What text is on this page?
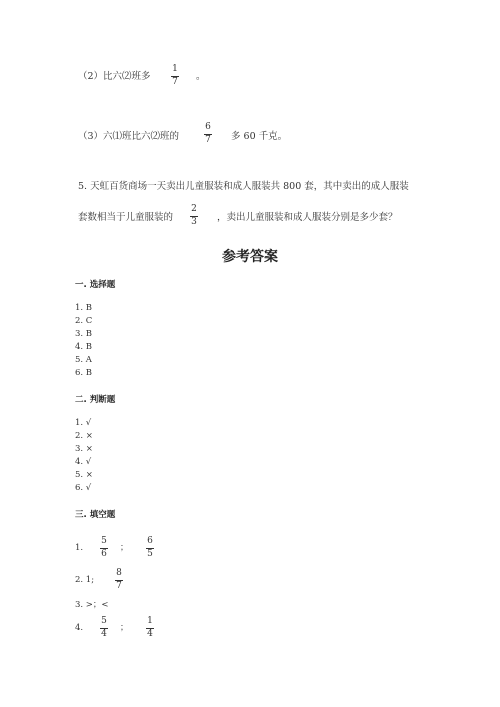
（2）比六⑵班多
1
7 。
（3）六⑴班比六⑵班的
6
7 多 60 千克。
5. 天虹百货商场一天卖出儿童服装和成人服装共 800 套，其中卖出的成人服装
套数相当于儿童服装的
2
3 ，卖出儿童服装和成人服装分别是多少套？
参考答案
一. 选择题
1. B
2. C
3. B
4. B
5. A
6. B
二. 判断题
1. √
2. ×
3. ×
4. √
5. ×
6. √
三. 填空题
1.
5
6
；
6
5
2. 1;
8
7
3. >；<
4.
5
4
；
1
4
